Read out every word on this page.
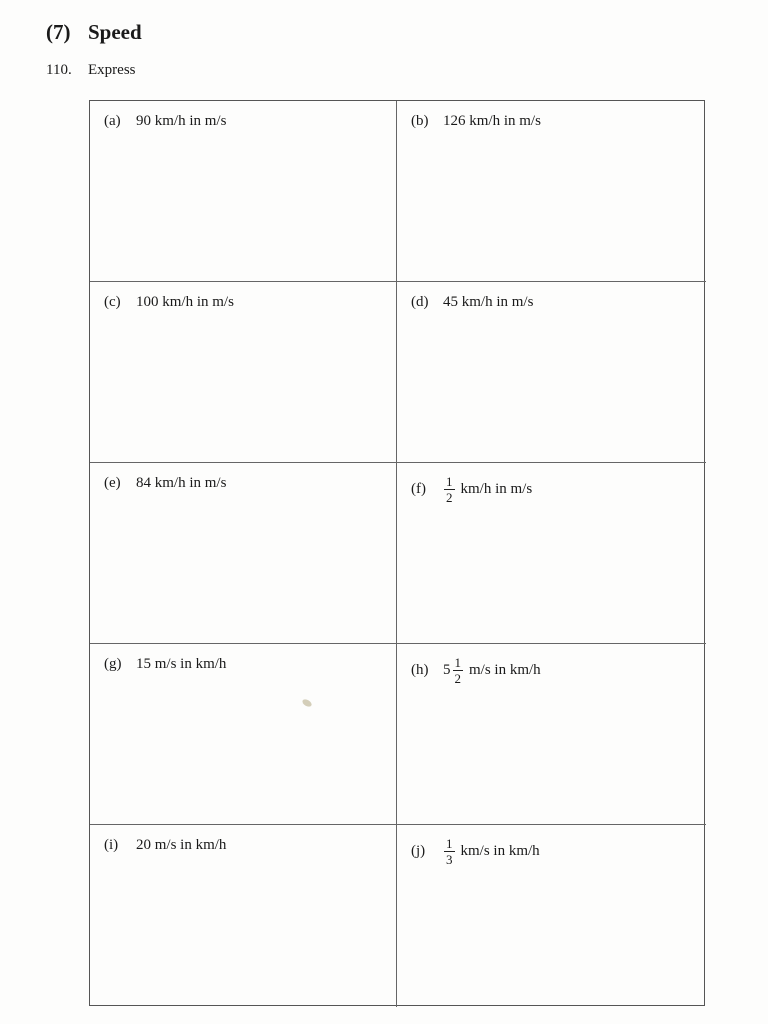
(7) Speed
110. Express
(a)	90 km/h in m/s	(b) 126 km/h in m/s
(c)	100 km/h in m/s	(d) 45 km/h in m/s
(e)	84 km/h in m/s	(f)	$\frac{1}{2} km/h$ in m/s
(g) 15 m/s in km/h	(h) $5 \frac{1}{2} m/s$ in km/h
(i)	20 m/s in km/h	(j)	$\frac{1}{3} km/s$ in km/h
